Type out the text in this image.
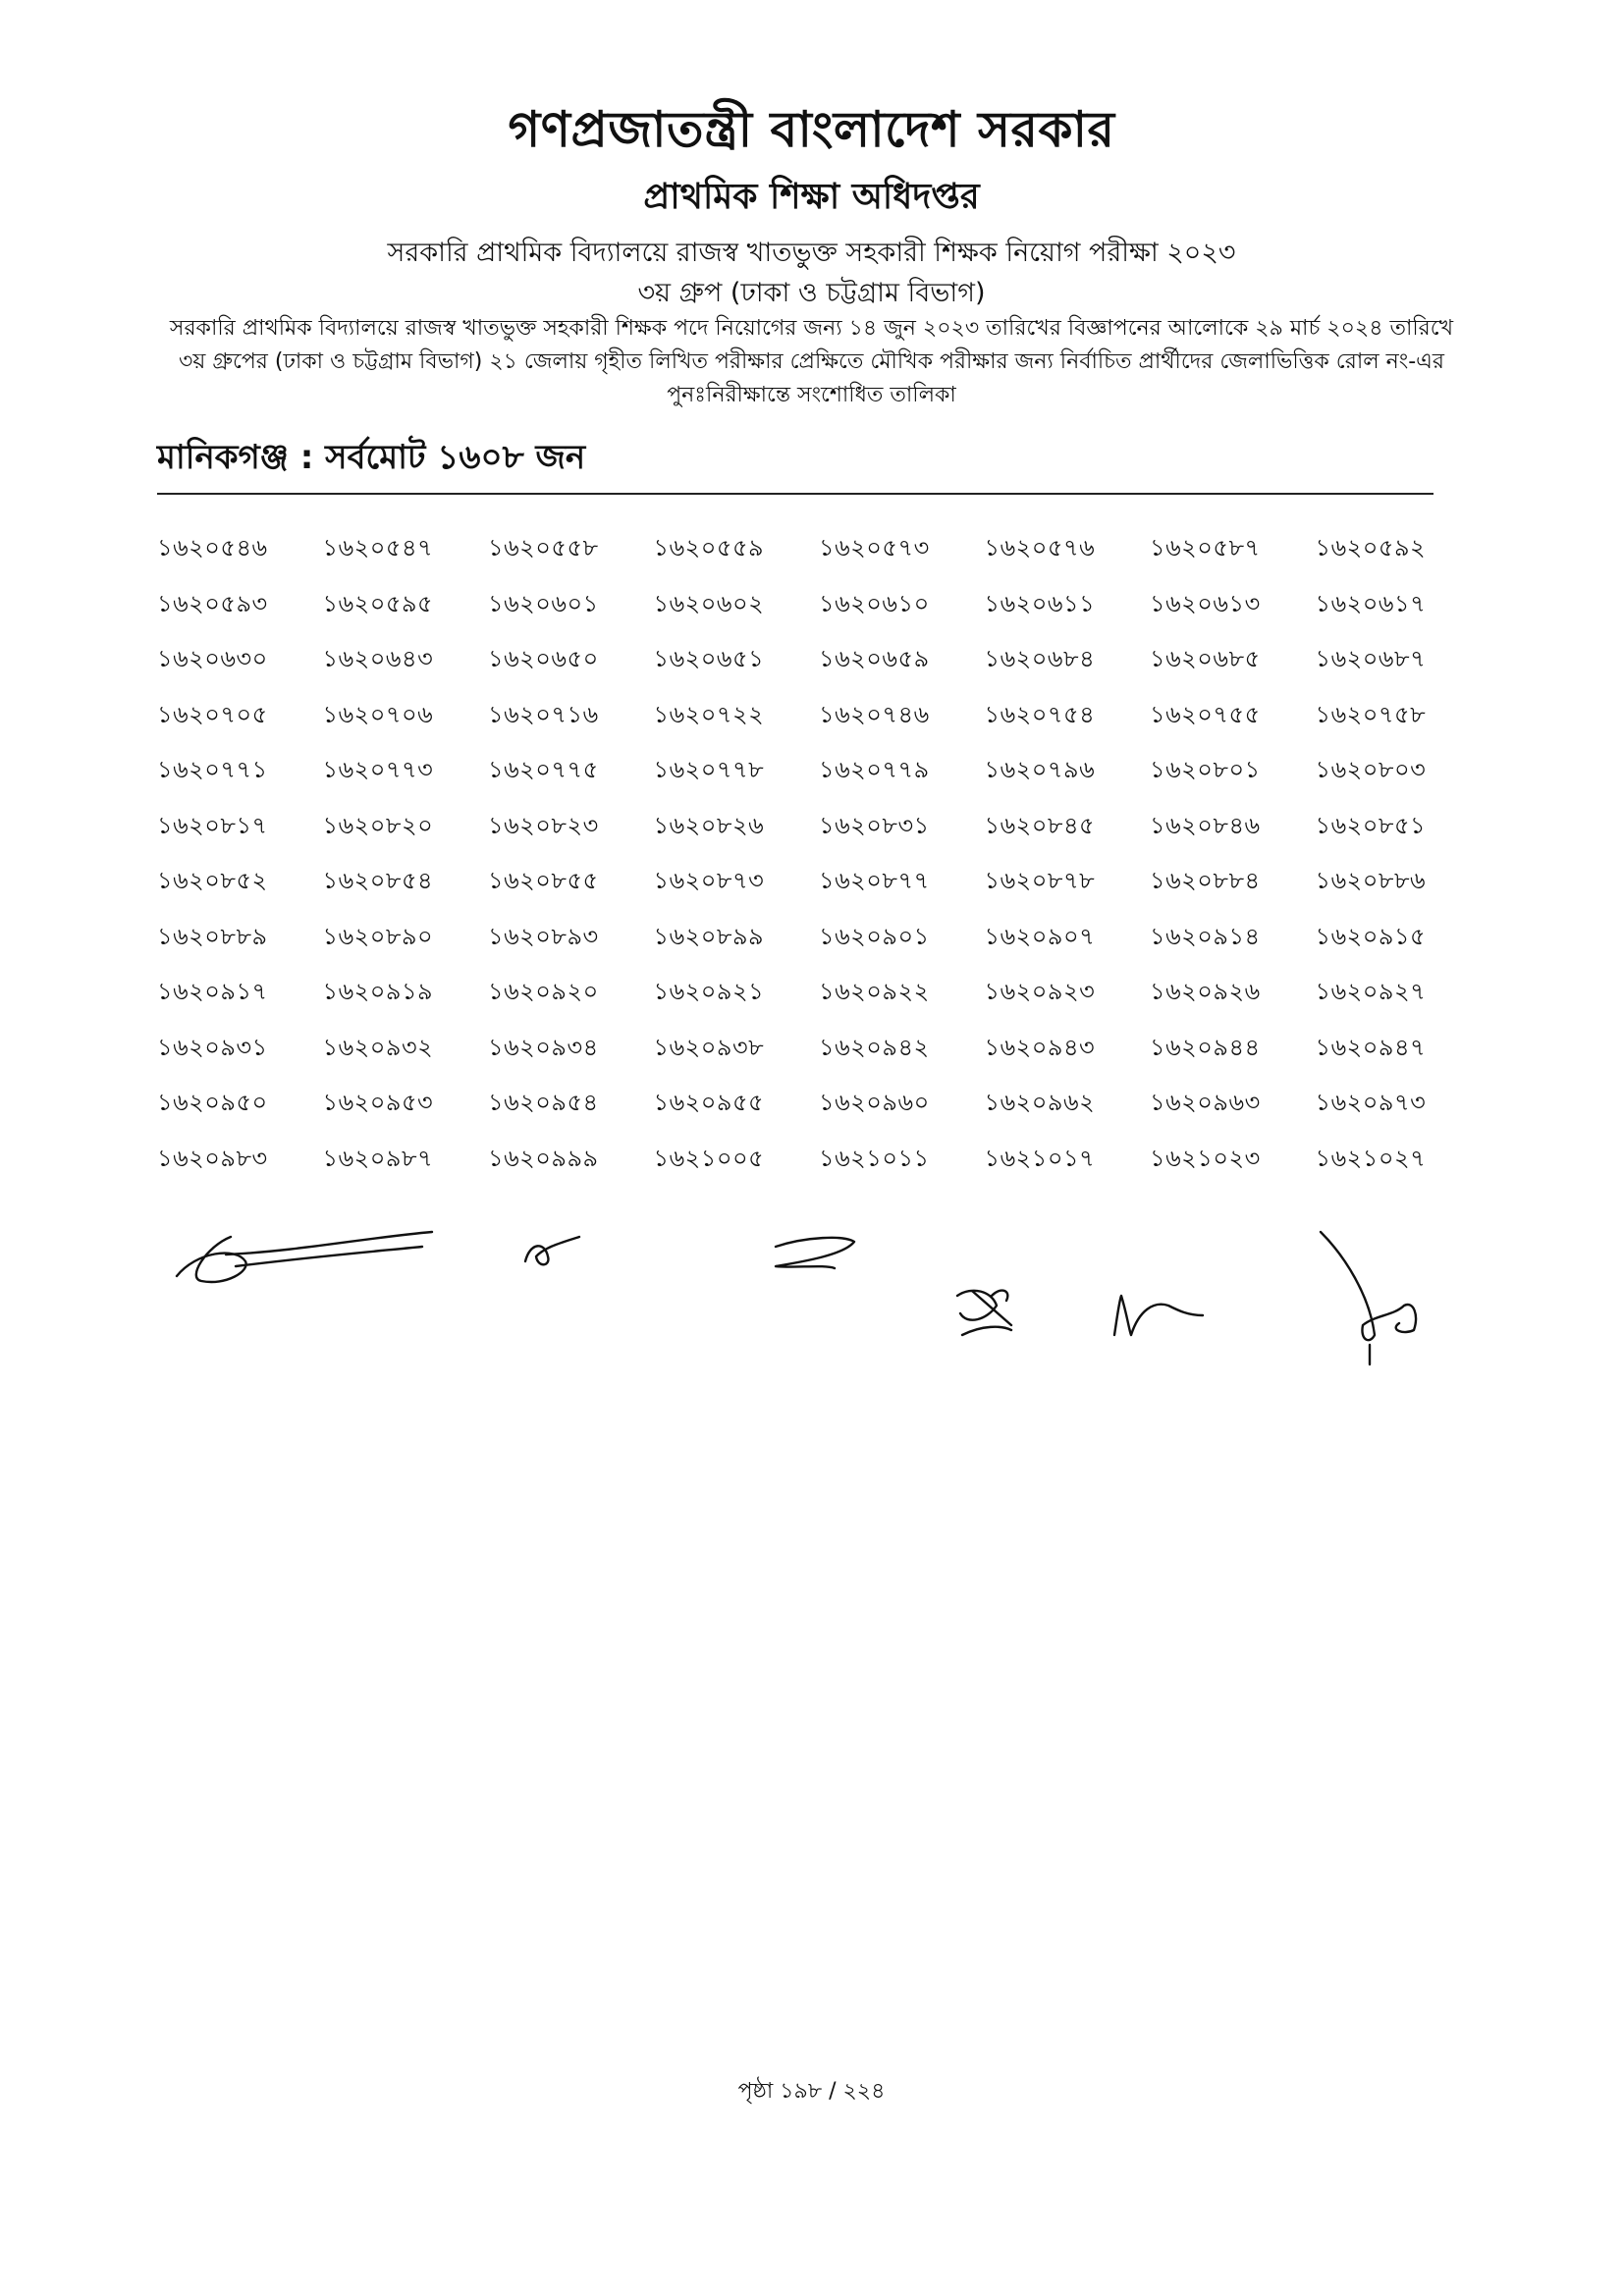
গণপ্রজাতন্ত্রী বাংলাদেশ সরকার
প্রাথমিক শিক্ষা অধিদপ্তর
সরকারি প্রাথমিক বিদ্যালয়ে রাজস্ব খাতভুক্ত সহকারী শিক্ষক নিয়োগ পরীক্ষা ২০২৩
৩য় গ্রুপ (ঢাকা ও চট্টগ্রাম বিভাগ)
সরকারি প্রাথমিক বিদ্যালয়ে রাজস্ব খাতভুক্ত সহকারী শিক্ষক পদে নিয়োগের জন্য ১৪ জুন ২০২৩ তারিখের বিজ্ঞাপনের আলোকে ২৯ মার্চ ২০২৪ তারিখে ৩য় গ্রুপের (ঢাকা ও চট্টগ্রাম বিভাগ) ২১ জেলায় গৃহীত লিখিত পরীক্ষার প্রেক্ষিতে মৌখিক পরীক্ষার জন্য নির্বাচিত প্রার্থীদের জেলাভিত্তিক রোল নং-এর পুনঃনিরীক্ষান্তে সংশোধিত তালিকা
মানিকগঞ্জ : সর্বমোট ১৬০৮ জন
১৬২০৫৪৬	১৬২০৫৪৭	১৬২০৫৫৮	১৬২০৫৫৯	১৬২০৫৭৩	১৬২০৫৭৬	১৬২০৫৮৭	১৬২০৫৯২
১৬২০৫৯৩	১৬২০৫৯৫	১৬২০৬০১	১৬২০৬০২	১৬২০৬১০	১৬২০৬১১	১৬২০৬১৩	১৬২০৬১৭
১৬২০৬৩০	১৬২০৬৪৩	১৬২০৬৫০	১৬২০৬৫১	১৬২০৬৫৯	১৬২০৬৮৪	১৬২০৬৮৫	১৬২০৬৮৭
১৬২০৭০৫	১৬২০৭০৬	১৬২০৭১৬	১৬২০৭২২	১৬২০৭৪৬	১৬২০৭৫৪	১৬২০৭৫৫	১৬২০৭৫৮
১৬২০৭৭১	১৬২০৭৭৩	১৬২০৭৭৫	১৬২০৭৭৮	১৬২০৭৭৯	১৬২০৭৯৬	১৬২০৮০১	১৬২০৮০৩
১৬২০৮১৭	১৬২০৮২০	১৬২০৮২৩	১৬২০৮২৬	১৬২০৮৩১	১৬২০৮৪৫	১৬২০৮৪৬	১৬২০৮৫১
১৬২০৮৫২	১৬২০৮৫৪	১৬২০৮৫৫	১৬২০৮৭৩	১৬২০৮৭৭	১৬২০৮৭৮	১৬২০৮৮৪	১৬২০৮৮৬
১৬২০৮৮৯	১৬২০৮৯০	১৬২০৮৯৩	১৬২০৮৯৯	১৬২০৯০১	১৬২০৯০৭	১৬২০৯১৪	১৬২০৯১৫
১৬২০৯১৭	১৬২০৯১৯	১৬২০৯২০	১৬২০৯২১	১৬২০৯২২	১৬২০৯২৩	১৬২০৯২৬	১৬২০৯২৭
১৬২০৯৩১	১৬২০৯৩২	১৬২০৯৩৪	১৬২০৯৩৮	১৬২০৯৪২	১৬২০৯৪৩	১৬২০৯৪৪	১৬২০৯৪৭
১৬২০৯৫০	১৬২০৯৫৩	১৬২০৯৫৪	১৬২০৯৫৫	১৬২০৯৬০	১৬২০৯৬২	১৬২০৯৬৩	১৬২০৯৭৩
১৬২০৯৮৩	১৬২০৯৮৭	১৬২০৯৯৯	১৬২১০০৫	১৬২১০১১	১৬২১০১৭	১৬২১০২৩	১৬২১০২৭
পৃষ্ঠা ১৯৮ / ২২৪
